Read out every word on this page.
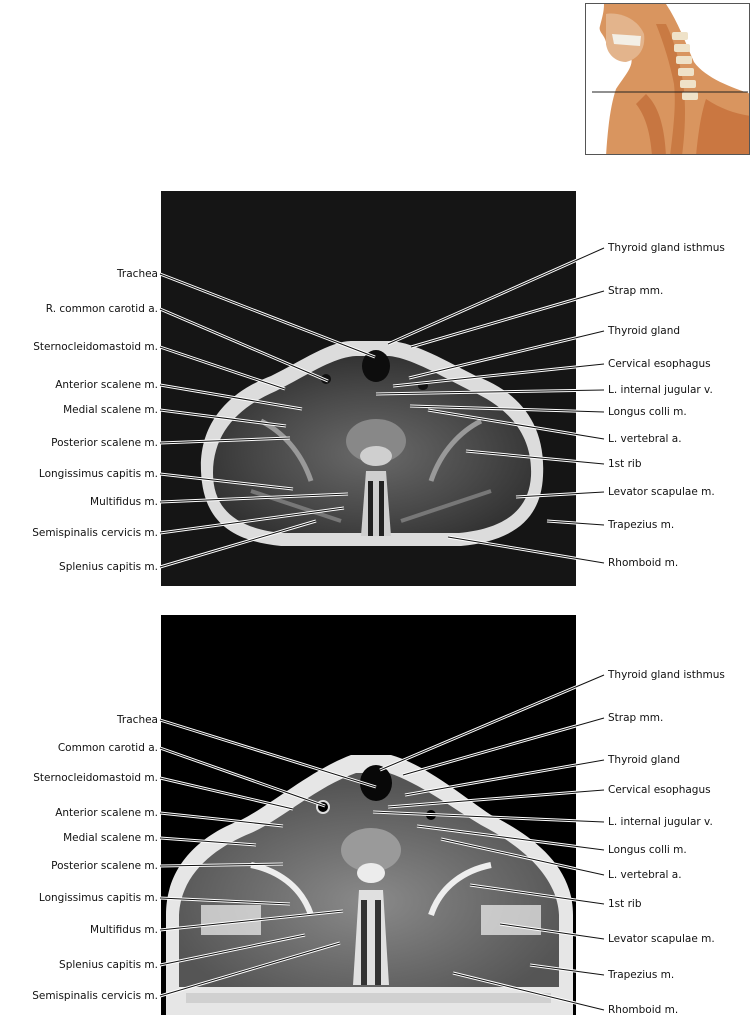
Trachea
R. common carotid a.
Sternocleidomastoid m.
Anterior scalene m.
Medial scalene m.
Posterior scalene m.
Longissimus capitis m.
Multifidus m.
Semispinalis cervicis m.
Splenius capitis m.
Thyroid gland isthmus
Strap mm.
Thyroid gland
Cervical esophagus
L. internal jugular v.
Longus colli m.
L. vertebral a.
1st rib
Levator scapulae m.
Trapezius m.
Rhomboid m.
Trachea
Common carotid a.
Sternocleidomastoid m.
Anterior scalene m.
Medial scalene m.
Posterior scalene m.
Longissimus capitis m.
Multifidus m.
Splenius capitis m.
Semispinalis cervicis m.
Thyroid gland isthmus
Strap mm.
Thyroid gland
Cervical esophagus
L. internal jugular v.
Longus colli m.
L. vertebral a.
1st rib
Levator scapulae m.
Trapezius m.
Rhomboid m.
